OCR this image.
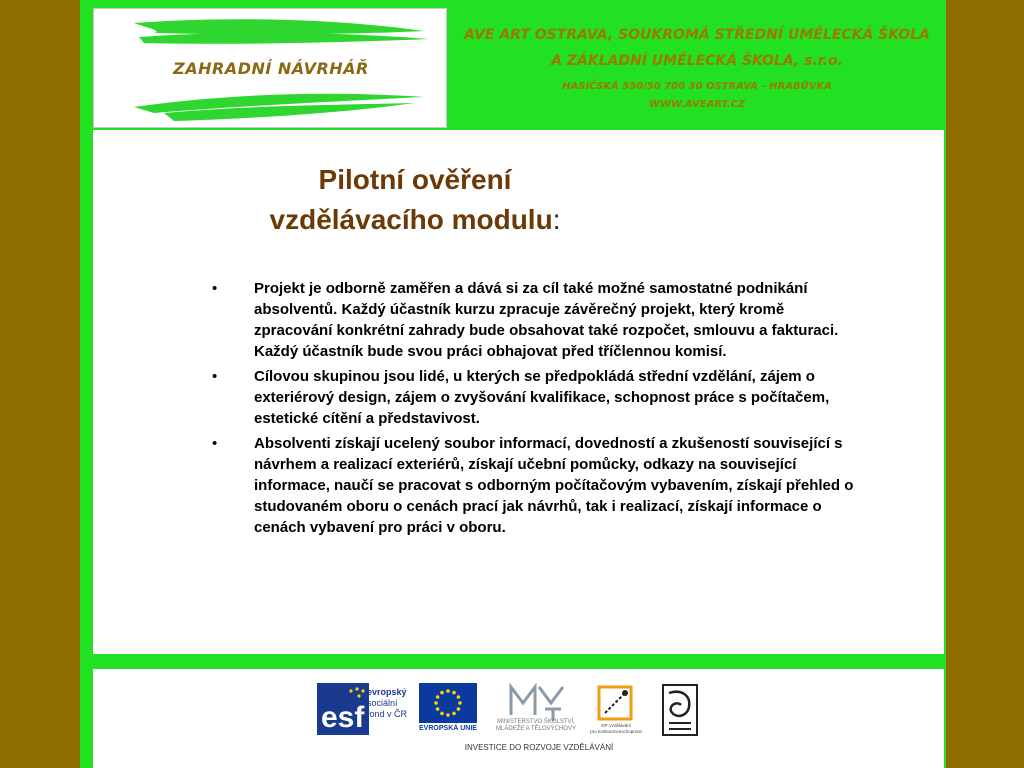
ZAHRADNÍ NÁVRHÁŘ
AVE ART OSTRAVA, SOUKROMÁ STŘEDNÍ UMĚLECKÁ ŠKOLA
A ZÁKLADNÍ UMĚLECKÁ ŠKOLA, s.r.o.
HASIČSKÁ 550/50 700 30 OSTRAVA - HRABŮVKA
WWW.AVEART.CZ
Pilotní ověření
vzdělávacího modulu:
• Projekt je odborně zaměřen a dává si za cíl také možné samostatné podnikání absolventů. Každý účastník kurzu zpracuje závěrečný projekt, který kromě zpracování konkrétní zahrady bude obsahovat také rozpočet, smlouvu a fakturaci. Každý účastník bude svou práci obhajovat před tříčlennou komisí.
• Cílovou skupinou jsou lidé, u kterých se předpokládá střední vzdělání, zájem o exteriérový design, zájem o zvyšování kvalifikace, schopnost práce s počítačem, estetické cítění a představivost.
• Absolventi získají ucelený soubor informací, dovedností a zkušeností související s návrhem a realizací exteriérů, získají učební pomůcky, odkazy na související informace, naučí se pracovat s odborným počítačovým vybavením, získají přehled o studovaném oboru o cenách prací jak návrhů, tak i realizací, získají informace o cenách vybavení pro práci v oboru.
esf
evropský
sociální
fond v ČR
EVROPSKÁ UNIE
MINISTERSTVO ŠKOLSTVÍ,
MLÁDEŽE A TĚLOVÝCHOVY
OP Vzdělávání
pro konkurenceschopnost
INVESTICE DO ROZVOJE VZDĚLÁVÁNÍ
